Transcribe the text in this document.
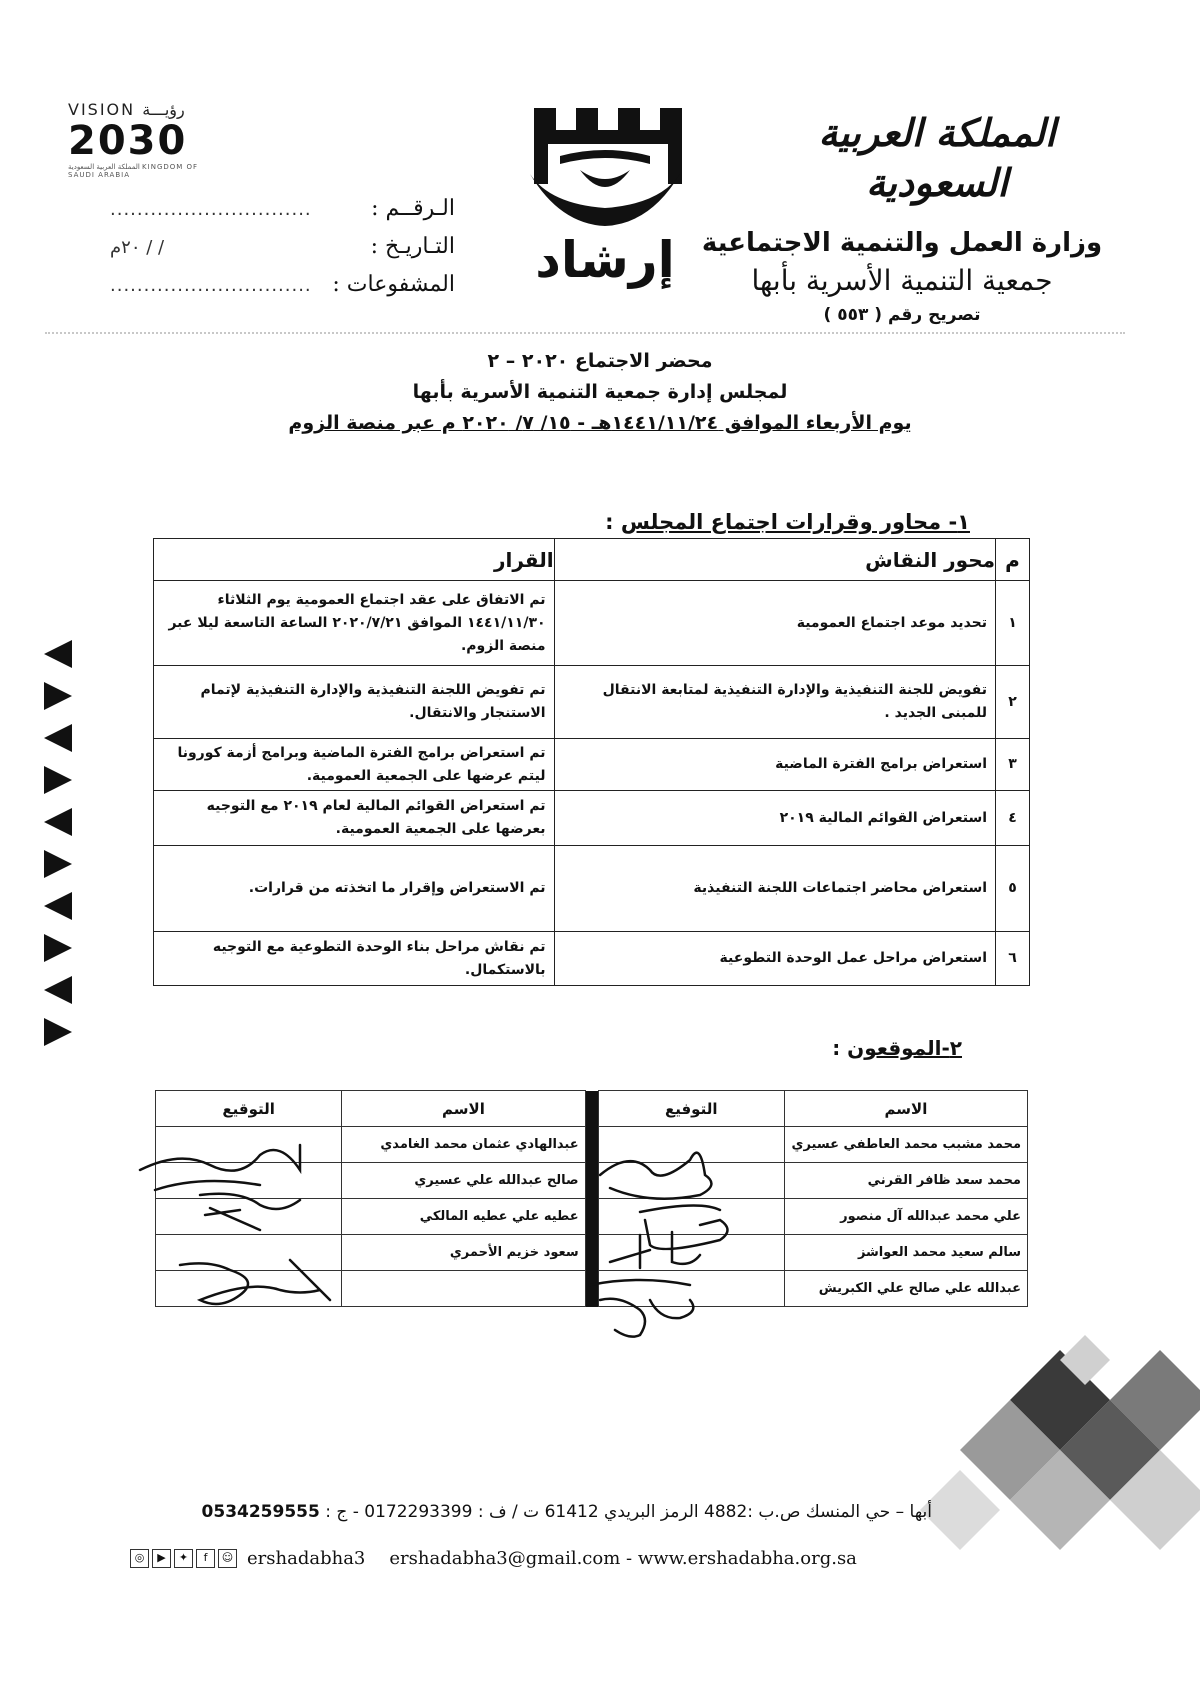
المملكة العربية السعودية
وزارة العمل والتنمية الاجتماعية
جمعية التنمية الأسرية بأبها
تصريح رقم ( ٥٥٣ )
إرشاد
VISION رؤيـــة
2030
المملكة العربية السعودية KINGDOM OF SAUDI ARABIA
الـرقــم :
..............................
التـاريـخ :
/ / ٢٠م
المشفوعات :
..............................
محضر الاجتماع ٢٠٢٠ – ٢
لمجلس إدارة جمعية التنمية الأسرية بأبها
يوم الأربعاء الموافق ١٤٤١/١١/٢٤هـ - ١٥/ ٧/ ٢٠٢٠ م عبر منصة الزوم
١- محاور وقرارات اجتماع المجلس :
م	محور النقاش	القرار
١	تحديد موعد اجتماع العمومية	تم الاتفاق على عقد اجتماع العمومية يوم الثلاثاء ١٤٤١/١١/٣٠ الموافق ٢٠٢٠/٧/٢١ الساعة التاسعة ليلا عبر منصة الزوم.
٢	تفويض للجنة التنفيذية والإدارة التنفيذية لمتابعة الانتقال للمبنى الجديد .	تم تفويض اللجنة التنفيذية والإدارة التنفيذية لإتمام الاستنجار والانتقال.
٣	استعراض برامج الفترة الماضية	تم استعراض برامج الفترة الماضية وبرامج أزمة كورونا ليتم عرضها على الجمعية العمومية.
٤	استعراض القوائم المالية ٢٠١٩	تم استعراض القوائم المالية لعام ٢٠١٩ مع التوجيه بعرضها على الجمعية العمومية.
٥	استعراض محاضر اجتماعات اللجنة التنفيذية	تم الاستعراض وإقرار ما اتخذته من قرارات.
٦	استعراض مراحل عمل الوحدة التطوعية	تم نقاش مراحل بناء الوحدة التطوعية مع التوجيه بالاستكمال.
٢-الموقعون :
الاسم	التوفيع		الاسم	التوقيع
محمد مشبب محمد العاطفي عسيري			عبدالهادي عثمان محمد الغامدي	
محمد سعد ظافر القرني			صالح عبدالله علي عسيري	
علي محمد عبدالله آل منصور			عطيه علي عطيه المالكي	
سالم سعيد محمد العواشز			سعود خزيم الأحمري	
عبدالله علي صالح علي الكبريش				
أبها – حي المنسك ص.ب :4882 الرمز البريدي 61412 ت / ف : 0172293399 - ج : 0534259555
◎	▶	✦	f	☺ ershadabha3 ershadabha3@gmail.com - www.ershadabha.org.sa
